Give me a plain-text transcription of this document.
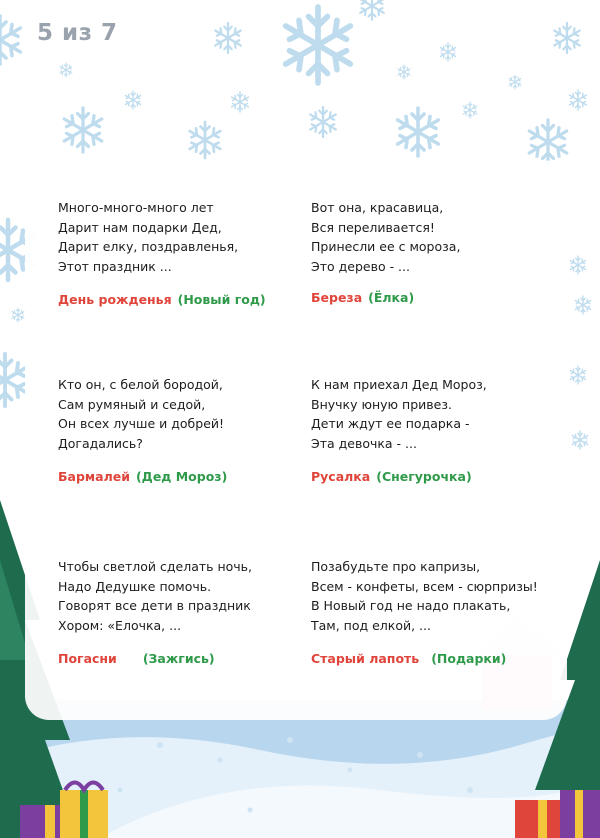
5 из 7
Много-много-много лет
Дарит нам подарки Дед,
Дарит елку, поздравленья,
Этот праздник ...
День рожденья (Новый год)
Вот она, красавица,
Вся переливается!
Принесли ее с мороза,
Это дерево - ...
Береза (Ёлка)
Кто он, с белой бородой,
Сам румяный и седой,
Он всех лучше и добрей!
Догадались?
Бармалей (Дед Мороз)
К нам приехал Дед Мороз,
Внучку юную привез.
Дети ждут ее подарка -
Эта девочка - ...
Русалка (Снегурочка)
Чтобы светлой сделать ночь,
Надо Дедушке помочь.
Говорят все дети в праздник
Хором: «Елочка, ...
Погасни (Зажгись)
Позабудьте про капризы,
Всем - конфеты, всем - сюрпризы!
В Новый год не надо плакать,
Там, под елкой, ...
Старый лапоть (Подарки)
